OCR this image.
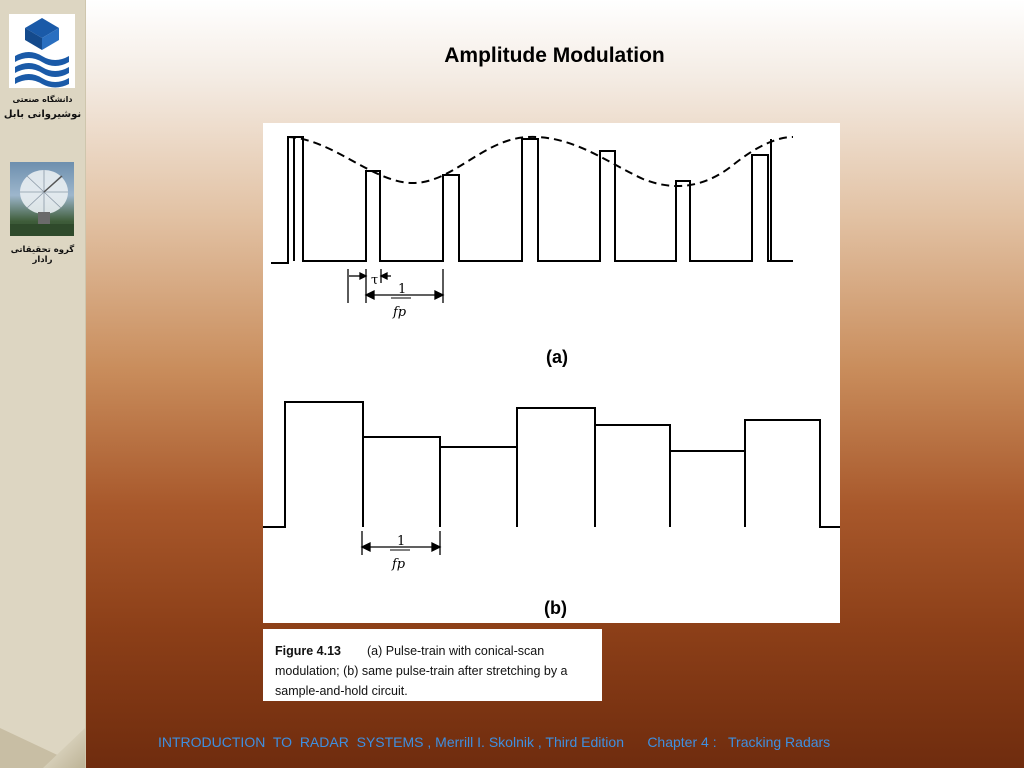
دانشگاه صنعتی
نوشیروانی بابل
گروه تحقیقاتی رادار
Amplitude Modulation
τ
1
fp
(a)
1
fp
(b)
Figure 4.13 (a) Pulse-train with conical-scan modulation; (b) same pulse-train after stretching by a sample-and-hold circuit.
INTRODUCTION  TO  RADAR  SYSTEMS , Merrill I. Skolnik , Third Edition      Chapter 4 :   Tracking Radars
